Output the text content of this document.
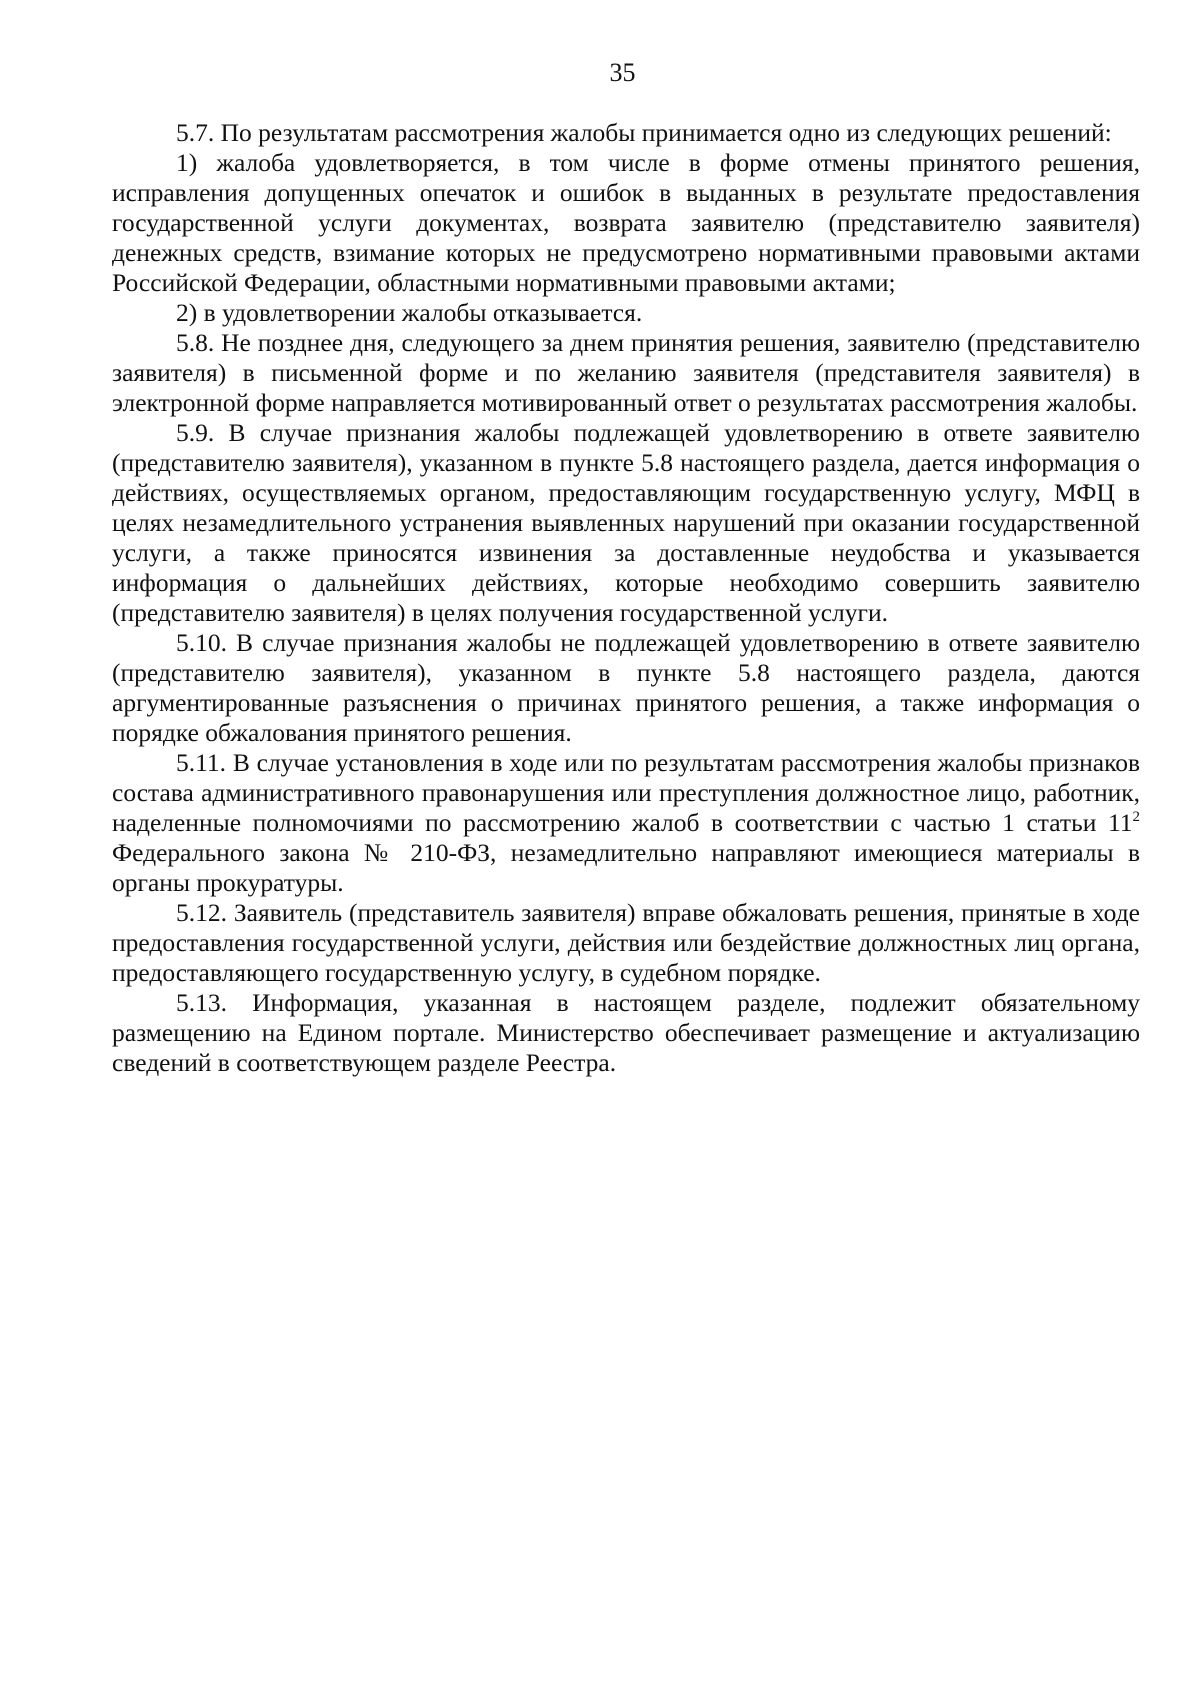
35

5.7. По результатам рассмотрения жалобы принимается одно из следующих решений:

1) жалоба удовлетворяется, в том числе в форме отмены принятого решения, исправления допущенных опечаток и ошибок в выданных в результате предоставления государственной услуги документах, возврата заявителю (представителю заявителя) денежных средств, взимание которых не предусмотрено нормативными правовыми актами Российской Федерации, областными нормативными правовыми актами;

2) в удовлетворении жалобы отказывается.

5.8. Не позднее дня, следующего за днем принятия решения, заявителю (представителю заявителя) в письменной форме и по желанию заявителя (представителя заявителя) в электронной форме направляется мотивированный ответ о результатах рассмотрения жалобы.

5.9. В случае признания жалобы подлежащей удовлетворению в ответе заявителю (представителю заявителя), указанном в пункте 5.8 настоящего раздела, дается информация о действиях, осуществляемых органом, предоставляющим государственную услугу, МФЦ в целях незамедлительного устранения выявленных нарушений при оказании государственной услуги, а также приносятся извинения за доставленные неудобства и указывается информация о дальнейших действиях, которые необходимо совершить заявителю (представителю заявителя) в целях получения государственной услуги.

5.10. В случае признания жалобы не подлежащей удовлетворению в ответе заявителю (представителю заявителя), указанном в пункте 5.8 настоящего раздела, даются аргументированные разъяснения о причинах принятого решения, а также информация о порядке обжалования принятого решения.

5.11. В случае установления в ходе или по результатам рассмотрения жалобы признаков состава административного правонарушения или преступления должностное лицо, работник, наделенные полномочиями по рассмотрению жалоб в соответствии с частью 1 статьи $11^2$ Федерального закона № 210-ФЗ, незамедлительно направляют имеющиеся материалы в органы прокуратуры.

5.12. Заявитель (представитель заявителя) вправе обжаловать решения, принятые в ходе предоставления государственной услуги, действия или бездействие должностных лиц органа, предоставляющего государственную услугу, в судебном порядке.

5.13. Информация, указанная в настоящем разделе, подлежит обязательному размещению на Едином портале. Министерство обеспечивает размещение и актуализацию сведений в соответствующем разделе Реестра.
